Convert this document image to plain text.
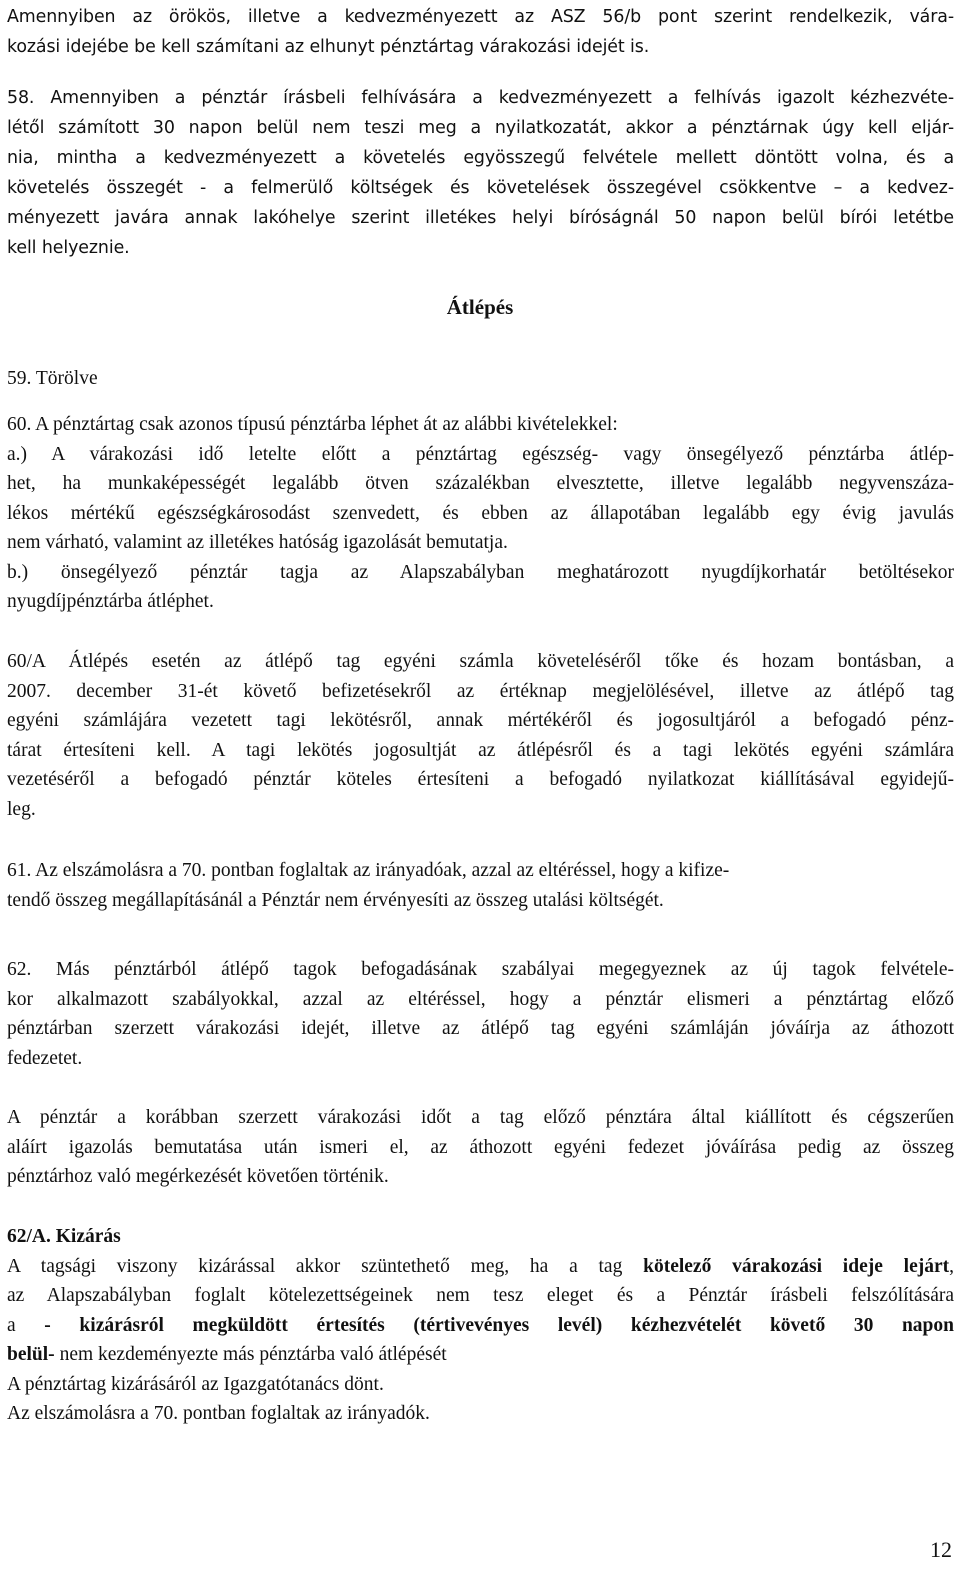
Amennyiben az örökös, illetve a kedvezményezett az ASZ 56/b pont szerint rendelkezik, vára-
kozási idejébe be kell számítani az elhunyt pénztártag várakozási idejét is.
58. Amennyiben a pénztár írásbeli felhívására a kedvezményezett a felhívás igazolt kézhezvéte-
létől számított 30 napon belül nem teszi meg a nyilatkozatát, akkor a pénztárnak úgy kell eljár-
nia, mintha a kedvezményezett a követelés egyösszegű felvétele mellett döntött volna, és a
követelés összegét - a felmerülő költségek és követelések összegével csökkentve – a kedvez-
ményezett javára annak lakóhelye szerint illetékes helyi bíróságnál 50 napon belül bírói letétbe
kell helyeznie.
Átlépés
59. Törölve
60. A pénztártag csak azonos típusú pénztárba léphet át az alábbi kivételekkel:
a.) A várakozási idő letelte előtt a pénztártag egészség- vagy önsegélyező pénztárba átlép-
het, ha munkaképességét legalább ötven százalékban elvesztette, illetve legalább negyvenszáza-
lékos mértékű egészségkárosodást szenvedett, és ebben az állapotában legalább egy évig javulás
nem várható, valamint az illetékes hatóság igazolását bemutatja.
b.) önsegélyező pénztár tagja az Alapszabályban meghatározott nyugdíjkorhatár betöltésekor
nyugdíjpénztárba átléphet.
60/A Átlépés esetén az átlépő tag egyéni számla követeléséről tőke és hozam bontásban, a
2007. december 31-ét követő befizetésekről az értéknap megjelölésével, illetve az átlépő tag
egyéni számlájára vezetett tagi lekötésről, annak mértékéről és jogosultjáról a befogadó pénz-
tárat értesíteni kell. A tagi lekötés jogosultját az átlépésről és a tagi lekötés egyéni számlára
vezetéséről a befogadó pénztár köteles értesíteni a befogadó nyilatkozat kiállításával egyidejű-
leg.
61. Az elszámolásra a 70. pontban foglaltak az irányadóak, azzal az eltéréssel, hogy a kifize-
tendő összeg megállapításánál a Pénztár nem érvényesíti az összeg utalási költségét.
62. Más pénztárból átlépő tagok befogadásának szabályai megegyeznek az új tagok felvétele-
kor alkalmazott szabályokkal, azzal az eltéréssel, hogy a pénztár elismeri a pénztártag előző
pénztárban szerzett várakozási idejét, illetve az átlépő tag egyéni számláján jóváírja az áthozott
fedezetet.
A pénztár a korábban szerzett várakozási időt a tag előző pénztára által kiállított és cégszerűen
aláírt igazolás bemutatása után ismeri el, az áthozott egyéni fedezet jóváírása pedig az összeg
pénztárhoz való megérkezését követően történik.
62/A. Kizárás
A tagsági viszony kizárással akkor szüntethető meg, ha a tag kötelező várakozási ideje lejárt,
az Alapszabályban foglalt kötelezettségeinek nem tesz eleget és a Pénztár írásbeli felszólítására
a - kizárásról megküldött értesítés (tértivevényes levél) kézhezvételét követő 30 napon
belül- nem kezdeményezte más pénztárba való átlépését
A pénztártag kizárásáról az Igazgatótanács dönt.
Az elszámolásra a 70. pontban foglaltak az irányadók.
12
